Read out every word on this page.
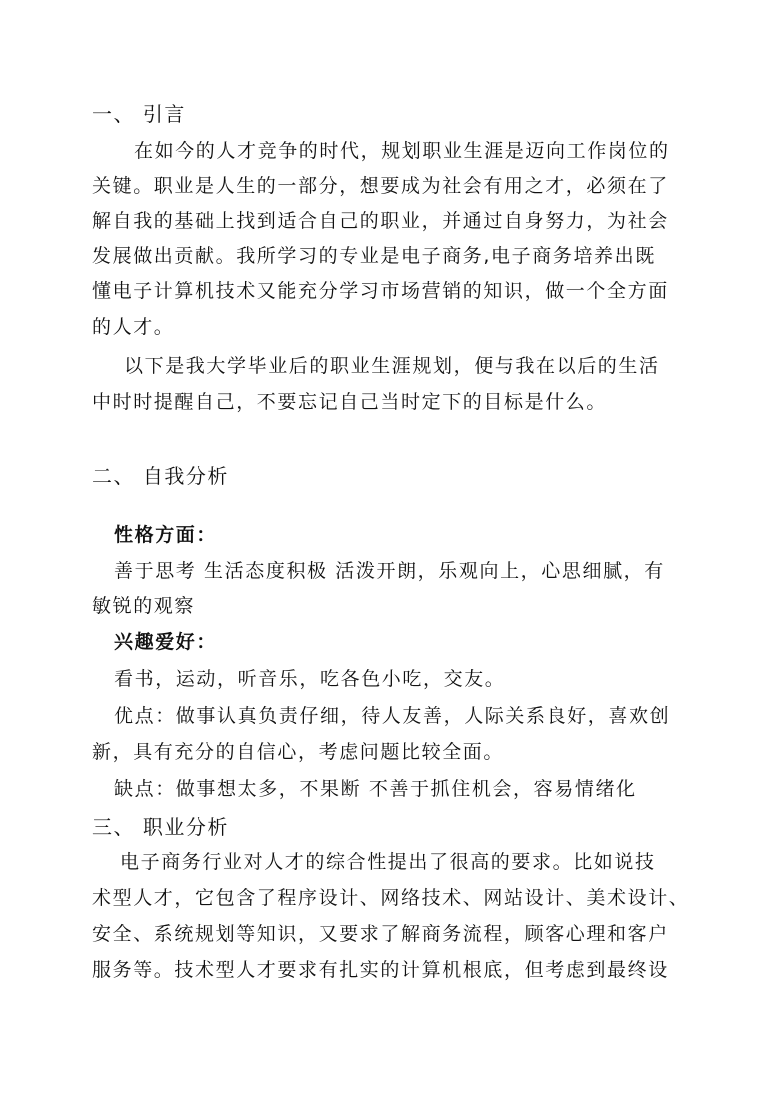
一、 引言
在如今的人才竞争的时代，规划职业生涯是迈向工作岗位的
关键。职业是人生的一部分，想要成为社会有用之才，必须在了
解自我的基础上找到适合自己的职业，并通过自身努力，为社会
发展做出贡献。我所学习的专业是电子商务,电子商务培养出既
懂电子计算机技术又能充分学习市场营销的知识，做一个全方面
的人才。
以下是我大学毕业后的职业生涯规划，便与我在以后的生活
中时时提醒自己，不要忘记自己当时定下的目标是什么。
二、 自我分析
性格方面：
善于思考 生活态度积极 活泼开朗，乐观向上，心思细腻，有
敏锐的观察
兴趣爱好：
看书，运动，听音乐，吃各色小吃，交友。
优点：做事认真负责仔细，待人友善，人际关系良好，喜欢创
新，具有充分的自信心，考虑问题比较全面。
缺点：做事想太多，不果断 不善于抓住机会，容易情绪化
三、 职业分析
电子商务行业对人才的综合性提出了很高的要求。比如说技
术型人才，它包含了程序设计、网络技术、网站设计、美术设计、
安全、系统规划等知识，又要求了解商务流程，顾客心理和客户
服务等。技术型人才要求有扎实的计算机根底，但考虑到最终设
